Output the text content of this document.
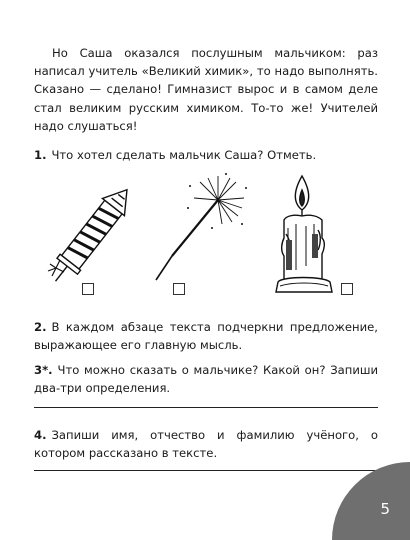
Но Саша оказался послушным мальчиком: раз написал учитель «Великий химик», то надо выполнять. Сказано — сделано! Гимназист вырос и в самом деле стал великим русским химиком. То-то же! Учителей надо слушаться!

1. Что хотел сделать мальчик Саша? Отметь.

2. В каждом абзаце текста подчеркни предложение, выражающее его главную мысль.

3*. Что можно сказать о мальчике? Какой он? Запиши два-три определения.

4. Запиши имя, отчество и фамилию учёного, о котором рассказано в тексте.

5
